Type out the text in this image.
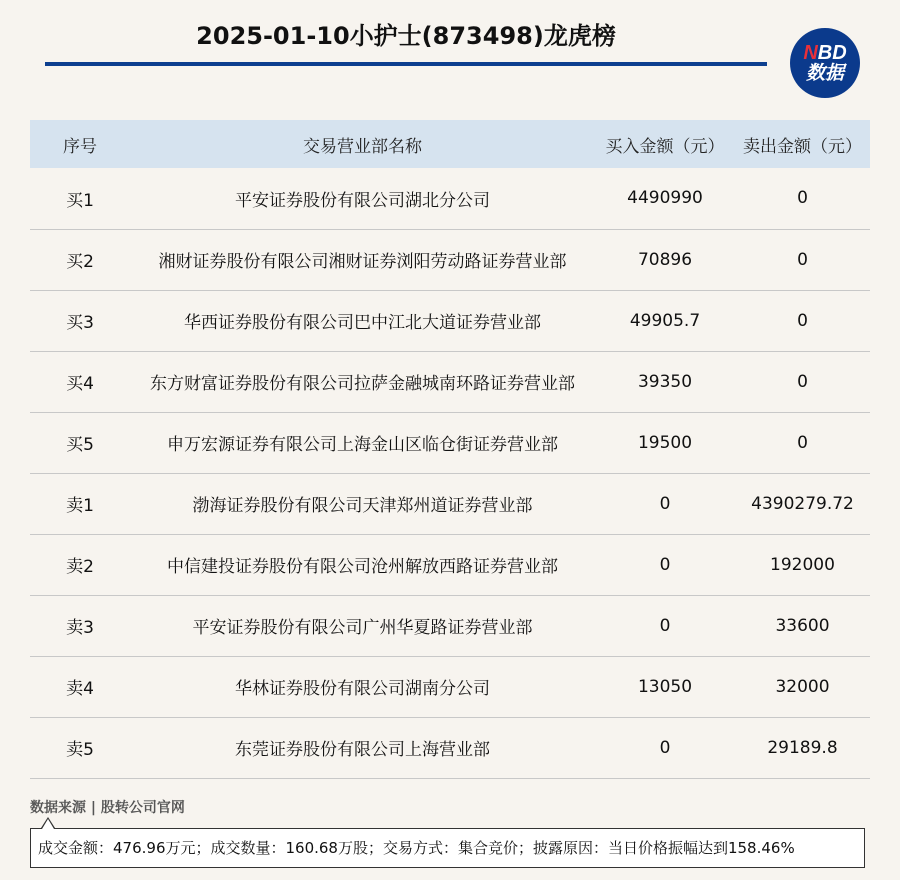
2025-01-10小护士(873498)龙虎榜
NBD
数据
序号	交易营业部名称	买入金额（元）	卖出金额（元）
买1	平安证券股份有限公司湖北分公司	4490990	0
买2	湘财证券股份有限公司湘财证券浏阳劳动路证券营业部	70896	0
买3	华西证券股份有限公司巴中江北大道证券营业部	49905.7	0
买4	东方财富证券股份有限公司拉萨金融城南环路证券营业部	39350	0
买5	申万宏源证券有限公司上海金山区临仓街证券营业部	19500	0
卖1	渤海证券股份有限公司天津郑州道证券营业部	0	4390279.72
卖2	中信建投证券股份有限公司沧州解放西路证券营业部	0	192000
卖3	平安证券股份有限公司广州华夏路证券营业部	0	33600
卖4	华林证券股份有限公司湖南分公司	13050	32000
卖5	东莞证券股份有限公司上海营业部	0	29189.8
数据来源 | 股转公司官网
成交金额：476.96万元；成交数量：160.68万股；交易方式：集合竞价；披露原因：当日价格振幅达到158.46%
